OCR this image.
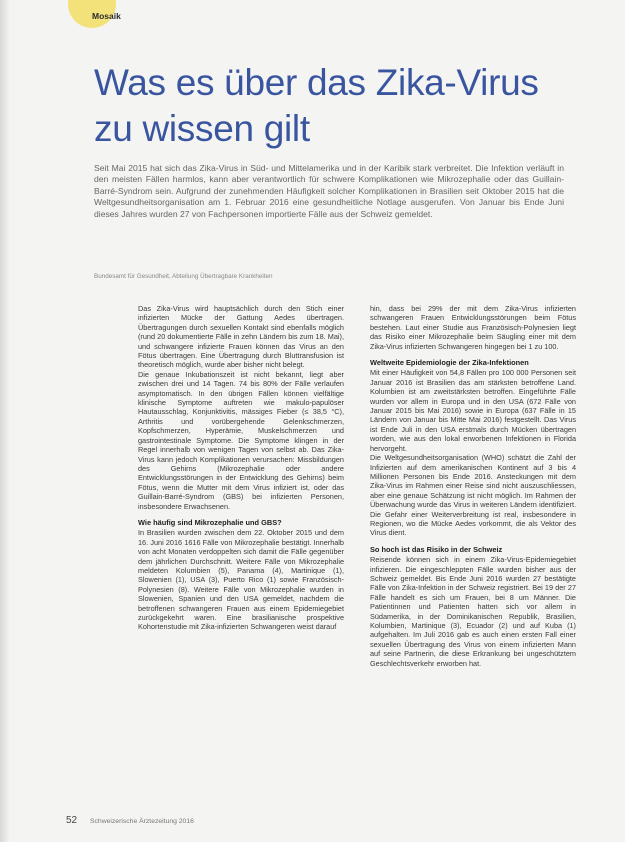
Mosaik
Was es über das Zika-Virus zu wissen gilt
Seit Mai 2015 hat sich das Zika-Virus in Süd- und Mittelamerika und in der Karibik stark verbreitet. Die Infektion verläuft in den meisten Fällen harmlos, kann aber verantwortlich für schwere Komplikationen wie Mikrozephalie oder das Guillain-Barré-Syndrom sein. Aufgrund der zunehmenden Häufigkeit solcher Komplikationen in Brasilien seit Oktober 2015 hat die Weltgesundheitsorganisation am 1. Februar 2016 eine gesundheitliche Notlage ausgerufen. Von Januar bis Ende Juni dieses Jahres wurden 27 von Fachpersonen importierte Fälle aus der Schweiz gemeldet.
Bundesamt für Gesundheit, Abteilung Übertragbare Krankheiten

Das Zika-Virus wird hauptsächlich durch den Stich einer infizierten Mücke der Gattung Aedes übertragen. Übertragungen durch sexuellen Kontakt sind ebenfalls möglich (rund 20 dokumentierte Fälle in zehn Ländern bis zum 18. Mai), und schwangere infizierte Frauen können das Virus an den Fötus übertragen. Eine Übertragung durch Bluttransfusion ist theoretisch möglich, wurde aber bisher nicht belegt.

Die genaue Inkubationszeit ist nicht bekannt, liegt aber zwischen drei und 14 Tagen. 74 bis 80% der Fälle verlaufen asymptomatisch. In den übrigen Fällen können vielfältige klinische Symptome auftreten wie makulo-papulöser Hautausschlag, Konjunktivitis, mässiges Fieber (≤ 38,5 °C), Arthritis und vorübergehende Gelenkschmerzen, Kopfschmerzen, Hyperämie, Muskelschmerzen und gastrointestinale Symptome. Die Symptome klingen in der Regel innerhalb von wenigen Tagen von selbst ab. Das Zika-Virus kann jedoch Komplikationen verursachen: Missbildungen des Gehirns (Mikrozephalie oder andere Entwicklungsstörungen in der Entwicklung des Gehirns) beim Fötus, wenn die Mutter mit dem Virus infiziert ist, oder das Guillain-Barré-Syndrom (GBS) bei infizierten Personen, insbesondere Erwachsenen.

Wie häufig sind Mikrozephalie und GBS?

In Brasilien wurden zwischen dem 22. Oktober 2015 und dem 16. Juni 2016 1616 Fälle von Mikrozephalie bestätigt. Innerhalb von acht Monaten verdoppelten sich damit die Fälle gegenüber dem jährlichen Durchschnitt. Weitere Fälle von Mikrozephalie meldeten Kolumbien (5), Panama (4), Martinique (1), Slowenien (1), USA (3), Puerto Rico (1) sowie Französisch-Polynesien (8). Weitere Fälle von Mikrozephalie wurden in Slowenien, Spanien und den USA gemeldet, nachdem die betroffenen schwangeren Frauen aus einem Epidemiegebiet zurückgekehrt waren. Eine brasilianische prospektive Kohortenstudie mit Zika-infizierten Schwangeren weist darauf

hin, dass bei 29% der mit dem Zika-Virus infizierten schwangeren Frauen Entwicklungsstörungen beim Fötus bestehen. Laut einer Studie aus Französisch-Polynesien liegt das Risiko einer Mikrozephalie beim Säugling einer mit dem Zika-Virus infizierten Schwangeren hingegen bei 1 zu 100.

Weltweite Epidemiologie der Zika-Infektionen

Mit einer Häufigkeit von 54,8 Fällen pro 100 000 Personen seit Januar 2016 ist Brasilien das am stärksten betroffene Land. Kolumbien ist am zweitstärksten betroffen. Eingeführte Fälle wurden vor allem in Europa und in den USA (672 Fälle von Januar 2015 bis Mai 2016) sowie in Europa (637 Fälle in 15 Ländern von Januar bis Mitte Mai 2016) festgestellt. Das Virus ist Ende Juli in den USA erstmals durch Mücken übertragen worden, wie aus den lokal erworbenen Infektionen in Florida hervorgeht.

Die Weltgesundheitsorganisation (WHO) schätzt die Zahl der Infizierten auf dem amerikanischen Kontinent auf 3 bis 4 Millionen Personen bis Ende 2016. Ansteckungen mit dem Zika-Virus im Rahmen einer Reise sind nicht auszuschliessen, aber eine genaue Schätzung ist nicht möglich. Im Rahmen der Überwachung wurde das Virus in weiteren Ländern identifiziert. Die Gefahr einer Weiterverbreitung ist real, insbesondere in Regionen, wo die Mücke Aedes vorkommt, die als Vektor des Virus dient.

So hoch ist das Risiko in der Schweiz

Reisende können sich in einem Zika-Virus-Epidemiegebiet infizieren. Die eingeschleppten Fälle wurden bisher aus der Schweiz gemeldet. Bis Ende Juni 2016 wurden 27 bestätigte Fälle von Zika-Infektion in der Schweiz registriert. Bei 19 der 27 Fälle handelt es sich um Frauen, bei 8 um Männer. Die Patientinnen und Patienten hatten sich vor allem in Südamerika, in der Dominikanischen Republik, Brasilien, Kolumbien, Martinique (3), Ecuador (2) und auf Kuba (1) aufgehalten. Im Juli 2016 gab es auch einen ersten Fall einer sexuellen Übertragung des Virus von einem infizierten Mann auf seine Partnerin, die diese Erkrankung bei ungeschütztem Geschlechtsverkehr erworben hat.

52 Schweizerische Ärztezeitung 2016
